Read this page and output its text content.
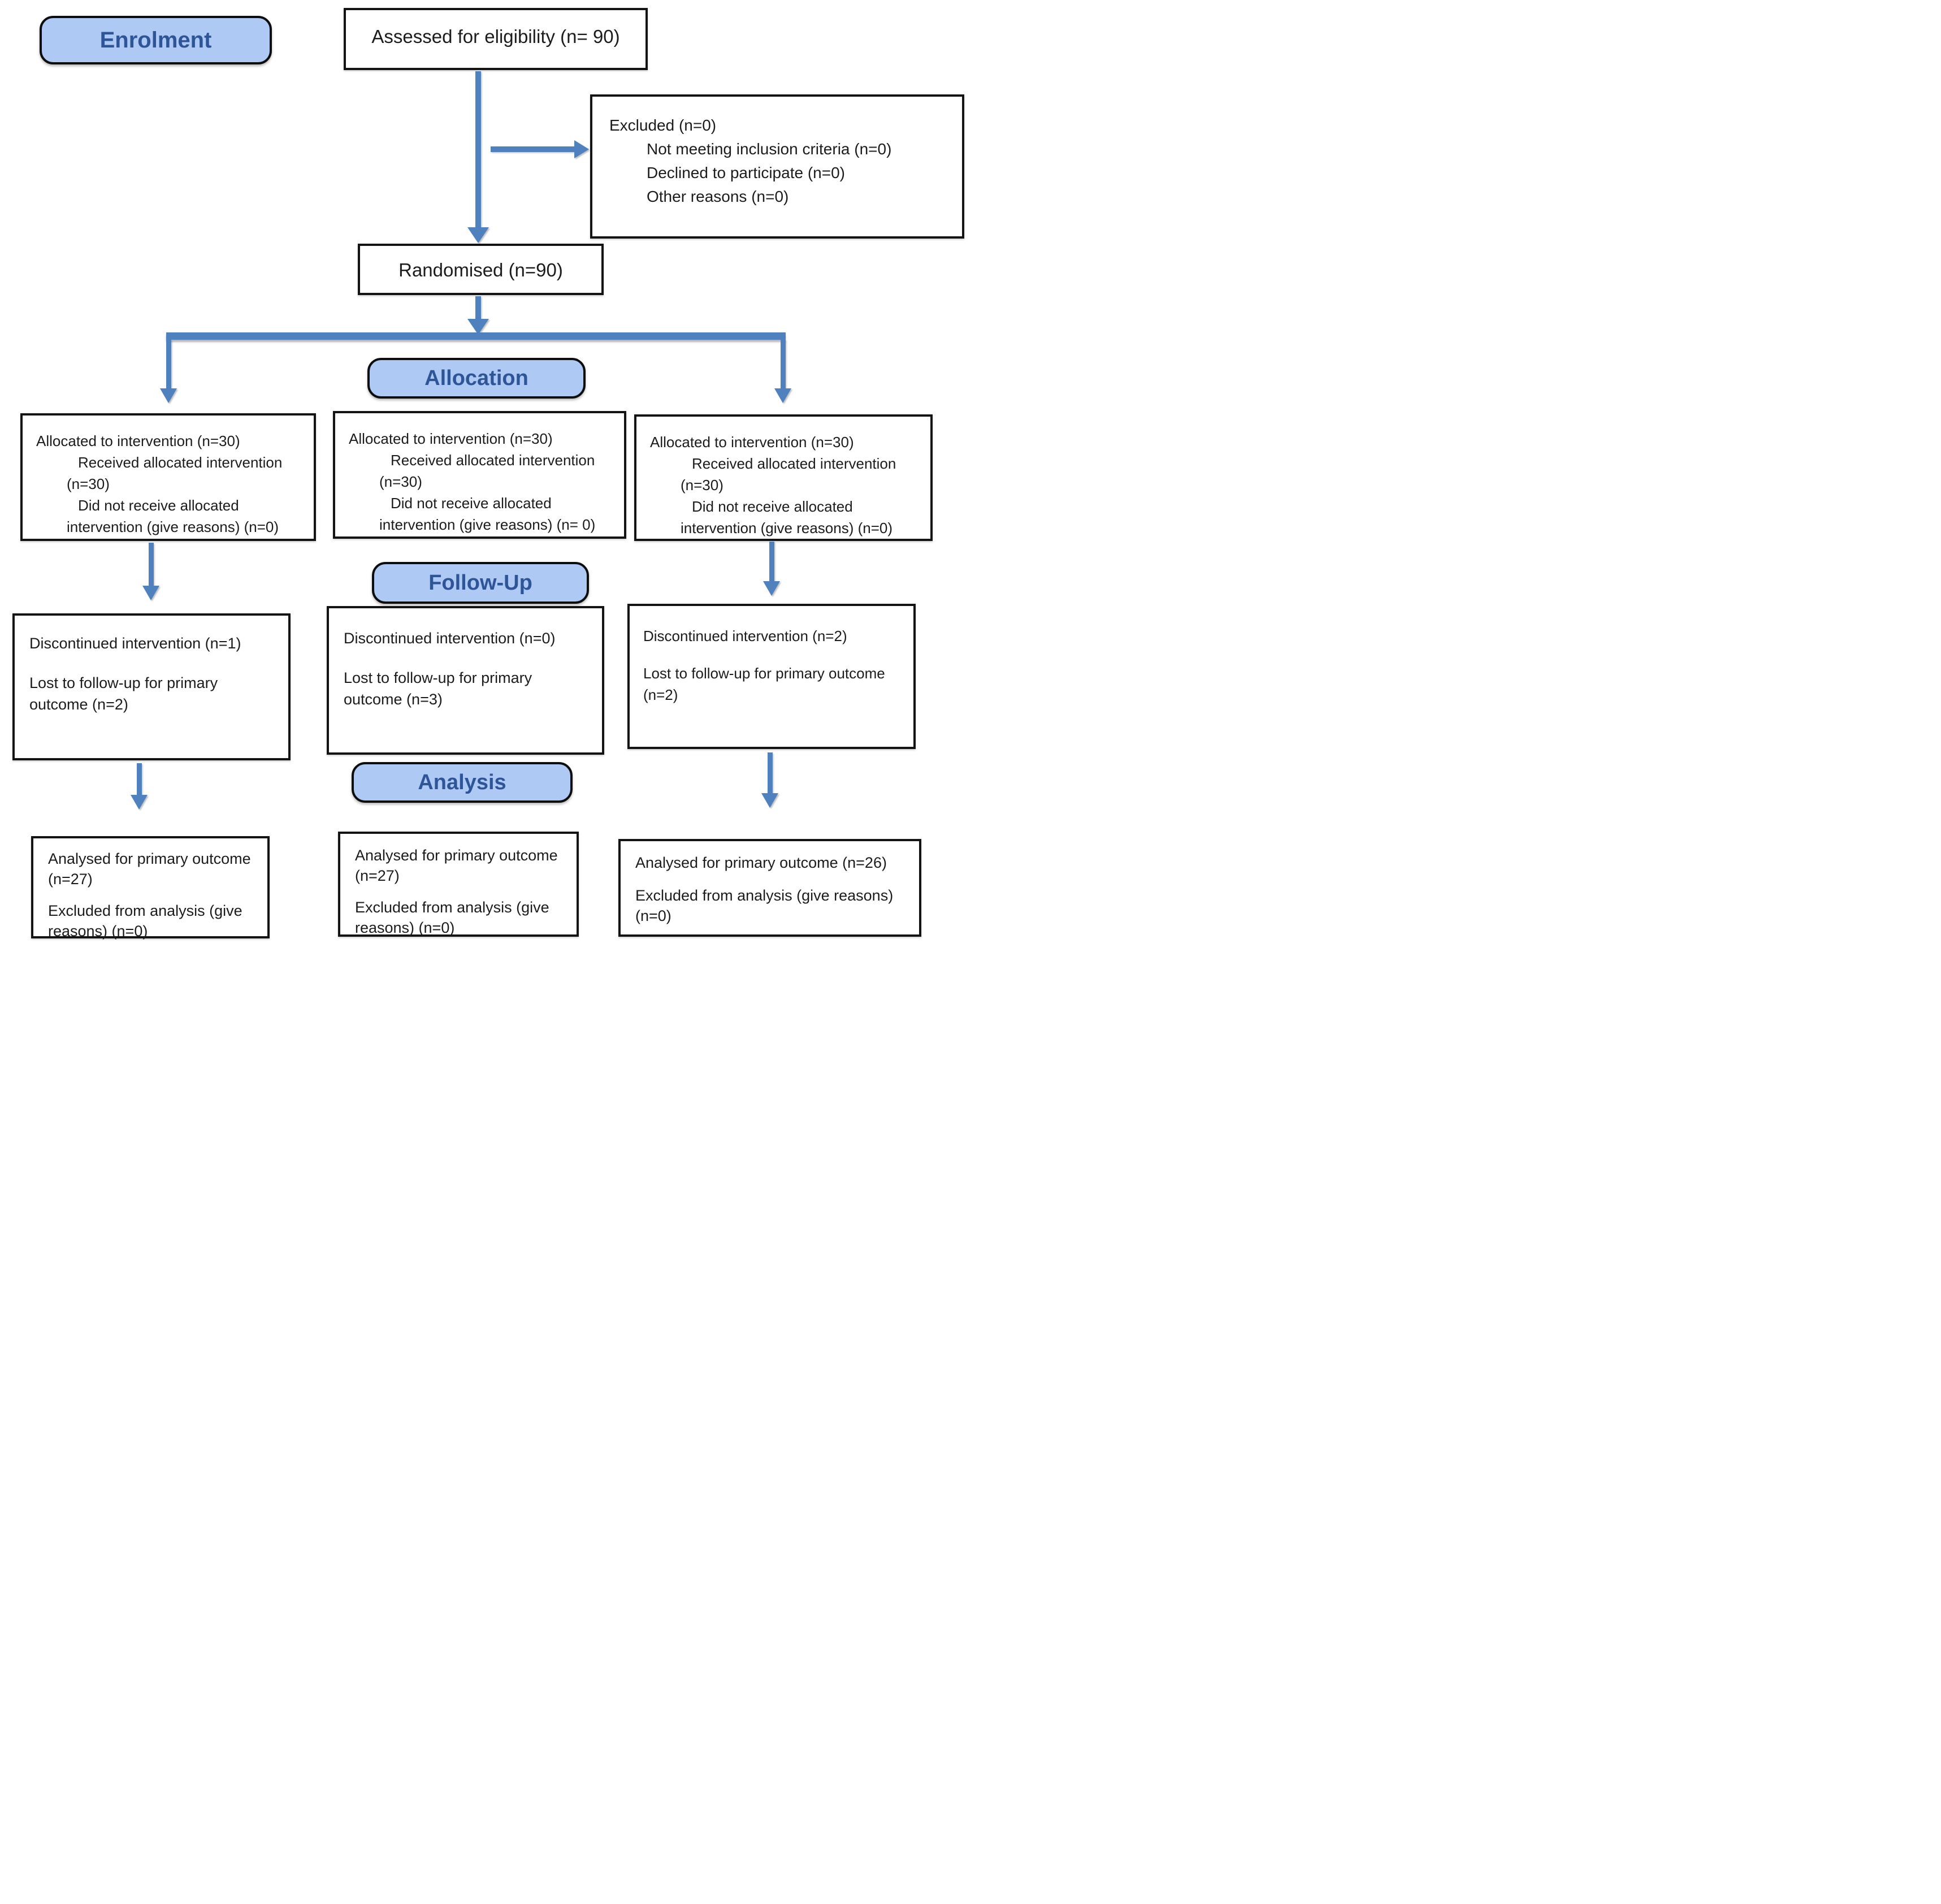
Enrolment
Allocation
Follow-Up
Analysis
Assessed for eligibility (n= 90)
Excluded (n=0)
Not meeting inclusion criteria (n=0)
Declined to participate (n=0)
Other reasons (n=0)
Randomised (n=90)
Allocated to intervention (n=30)
Received allocated intervention
(n=30)
Did not receive allocated
intervention (give reasons) (n=0)
Allocated to intervention (n=30)
Received allocated intervention
(n=30)
Did not receive allocated
intervention (give reasons) (n= 0)
Allocated to intervention (n=30)
Received allocated intervention
(n=30)
Did not receive allocated
intervention (give reasons) (n=0)
Discontinued intervention (n=1)
Lost to follow-up for primary
outcome (n=2)
Discontinued intervention (n=0)
Lost to follow-up for primary
outcome (n=3)
Discontinued intervention (n=2)
Lost to follow-up for primary outcome
(n=2)
Analysed for primary outcome
(n=27)
Excluded from analysis (give
reasons) (n=0)
Analysed for primary outcome
(n=27)
Excluded from analysis (give
reasons) (n=0)
Analysed for primary outcome (n=26)
Excluded from analysis (give reasons)
(n=0)
